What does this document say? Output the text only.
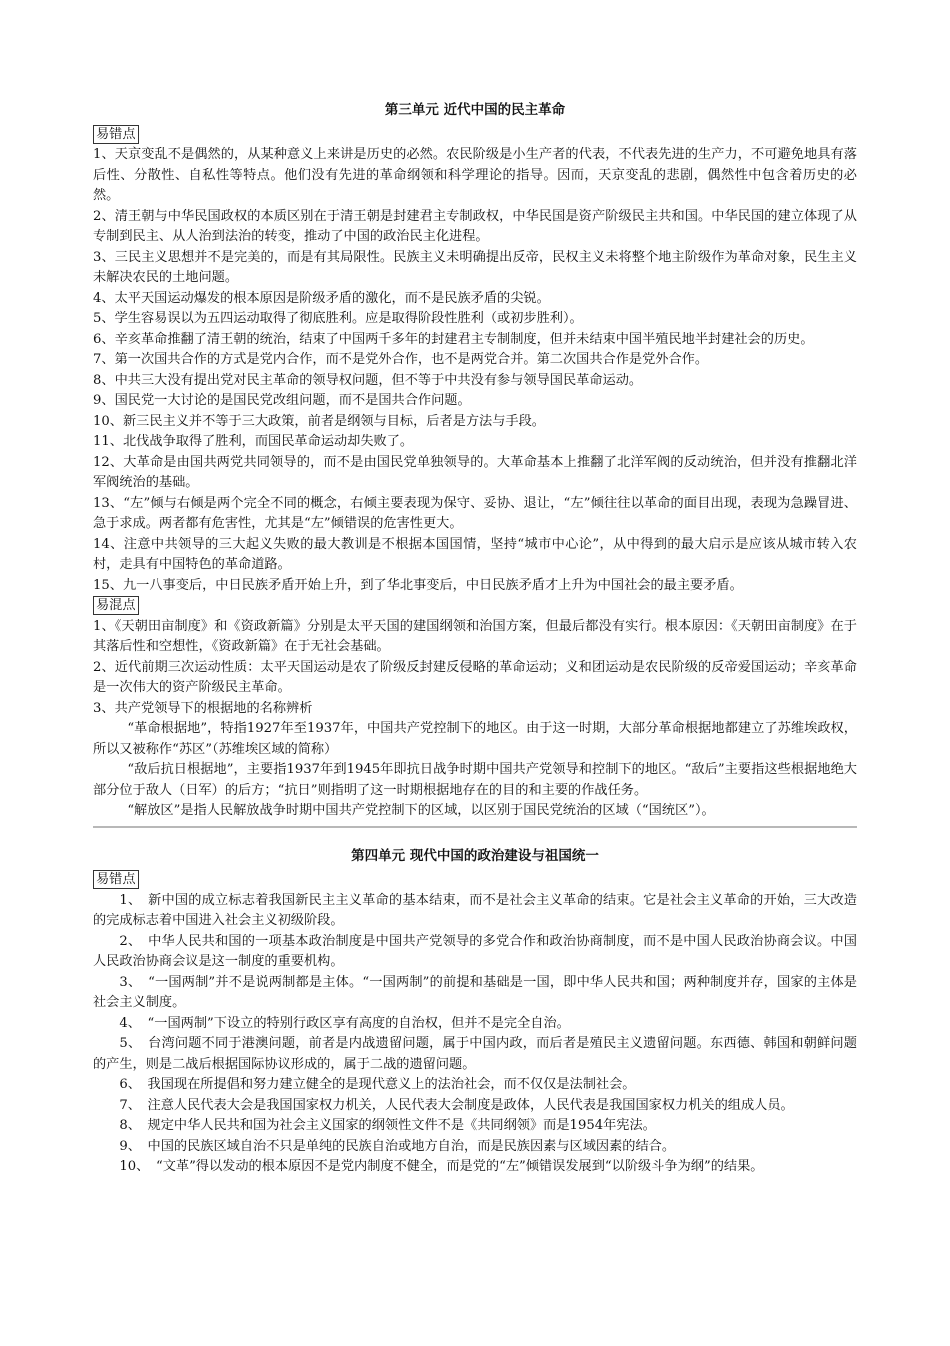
第三单元 近代中国的民主革命
易错点

1、天京变乱不是偶然的，从某种意义上来讲是历史的必然。农民阶级是小生产者的代表，不代表先进的生产力，不可避免地具有落后性、分散性、自私性等特点。他们没有先进的革命纲领和科学理论的指导。因而，天京变乱的悲剧，偶然性中包含着历史的必然。

2、清王朝与中华民国政权的本质区别在于清王朝是封建君主专制政权，中华民国是资产阶级民主共和国。中华民国的建立体现了从专制到民主、从人治到法治的转变，推动了中国的政治民主化进程。

3、三民主义思想并不是完美的，而是有其局限性。民族主义未明确提出反帝，民权主义未将整个地主阶级作为革命对象，民生主义未解决农民的土地问题。

4、太平天国运动爆发的根本原因是阶级矛盾的激化，而不是民族矛盾的尖锐。

5、学生容易误以为五四运动取得了彻底胜利。应是取得阶段性胜利（或初步胜利）。

6、辛亥革命推翻了清王朝的统治，结束了中国两千多年的封建君主专制制度，但并未结束中国半殖民地半封建社会的历史。

7、第一次国共合作的方式是党内合作，而不是党外合作，也不是两党合并。第二次国共合作是党外合作。

8、中共三大没有提出党对民主革命的领导权问题，但不等于中共没有参与领导国民革命运动。

9、国民党一大讨论的是国民党改组问题，而不是国共合作问题。

10、新三民主义并不等于三大政策，前者是纲领与目标，后者是方法与手段。

11、北伐战争取得了胜利，而国民革命运动却失败了。

12、大革命是由国共两党共同领导的，而不是由国民党单独领导的。大革命基本上推翻了北洋军阀的反动统治，但并没有推翻北洋军阀统治的基础。

13、“左”倾与右倾是两个完全不同的概念，右倾主要表现为保守、妥协、退让，“左”倾往往以革命的面目出现，表现为急躁冒进、急于求成。两者都有危害性，尤其是“左”倾错误的危害性更大。

14、注意中共领导的三大起义失败的最大教训是不根据本国国情，坚持“城市中心论”，从中得到的最大启示是应该从城市转入农村，走具有中国特色的革命道路。

15、九一八事变后，中日民族矛盾开始上升，到了华北事变后，中日民族矛盾才上升为中国社会的最主要矛盾。

易混点

1、《天朝田亩制度》和《资政新篇》分别是太平天国的建国纲领和治国方案，但最后都没有实行。根本原因：《天朝田亩制度》在于其落后性和空想性，《资政新篇》在于无社会基础。

2、近代前期三次运动性质：太平天国运动是农了阶级反封建反侵略的革命运动；义和团运动是农民阶级的反帝爱国运动；辛亥革命是一次伟大的资产阶级民主革命。

3、共产党领导下的根据地的名称辨析

“革命根据地”，特指1927年至1937年，中国共产党控制下的地区。由于这一时期，大部分革命根据地都建立了苏维埃政权，所以又被称作“苏区”（苏维埃区域的简称）

“敌后抗日根据地”，主要指1937年到1945年即抗日战争时期中国共产党领导和控制下的地区。“敌后”主要指这些根据地绝大部分位于敌人（日军）的后方；“抗日”则指明了这一时期根据地存在的目的和主要的作战任务。

“解放区”是指人民解放战争时期中国共产党控制下的区域，以区别于国民党统治的区域（“国统区”）。

第四单元 现代中国的政治建设与祖国统一
易错点

1、　新中国的成立标志着我国新民主主义革命的基本结束，而不是社会主义革命的结束。它是社会主义革命的开始，三大改造的完成标志着中国进入社会主义初级阶段。

2、　中华人民共和国的一项基本政治制度是中国共产党领导的多党合作和政治协商制度，而不是中国人民政治协商会议。中国人民政治协商会议是这一制度的重要机构。

3、　“一国两制”并不是说两制都是主体。“一国两制”的前提和基础是一国，即中华人民共和国；两种制度并存，国家的主体是社会主义制度。

4、　“一国两制”下设立的特别行政区享有高度的自治权，但并不是完全自治。

5、　台湾问题不同于港澳问题，前者是内战遗留问题，属于中国内政，而后者是殖民主义遗留问题。东西德、韩国和朝鲜问题的产生，则是二战后根据国际协议形成的，属于二战的遗留问题。

6、　我国现在所提倡和努力建立健全的是现代意义上的法治社会，而不仅仅是法制社会。

7、　注意人民代表大会是我国国家权力机关，人民代表大会制度是政体，人民代表是我国国家权力机关的组成人员。

8、　规定中华人民共和国为社会主义国家的纲领性文件不是《共同纲领》而是1954年宪法。

9、　中国的民族区域自治不只是单纯的民族自治或地方自治，而是民族因素与区域因素的结合。

10、　“文革”得以发动的根本原因不是党内制度不健全，而是党的“左”倾错误发展到“以阶级斗争为纲”的结果。
